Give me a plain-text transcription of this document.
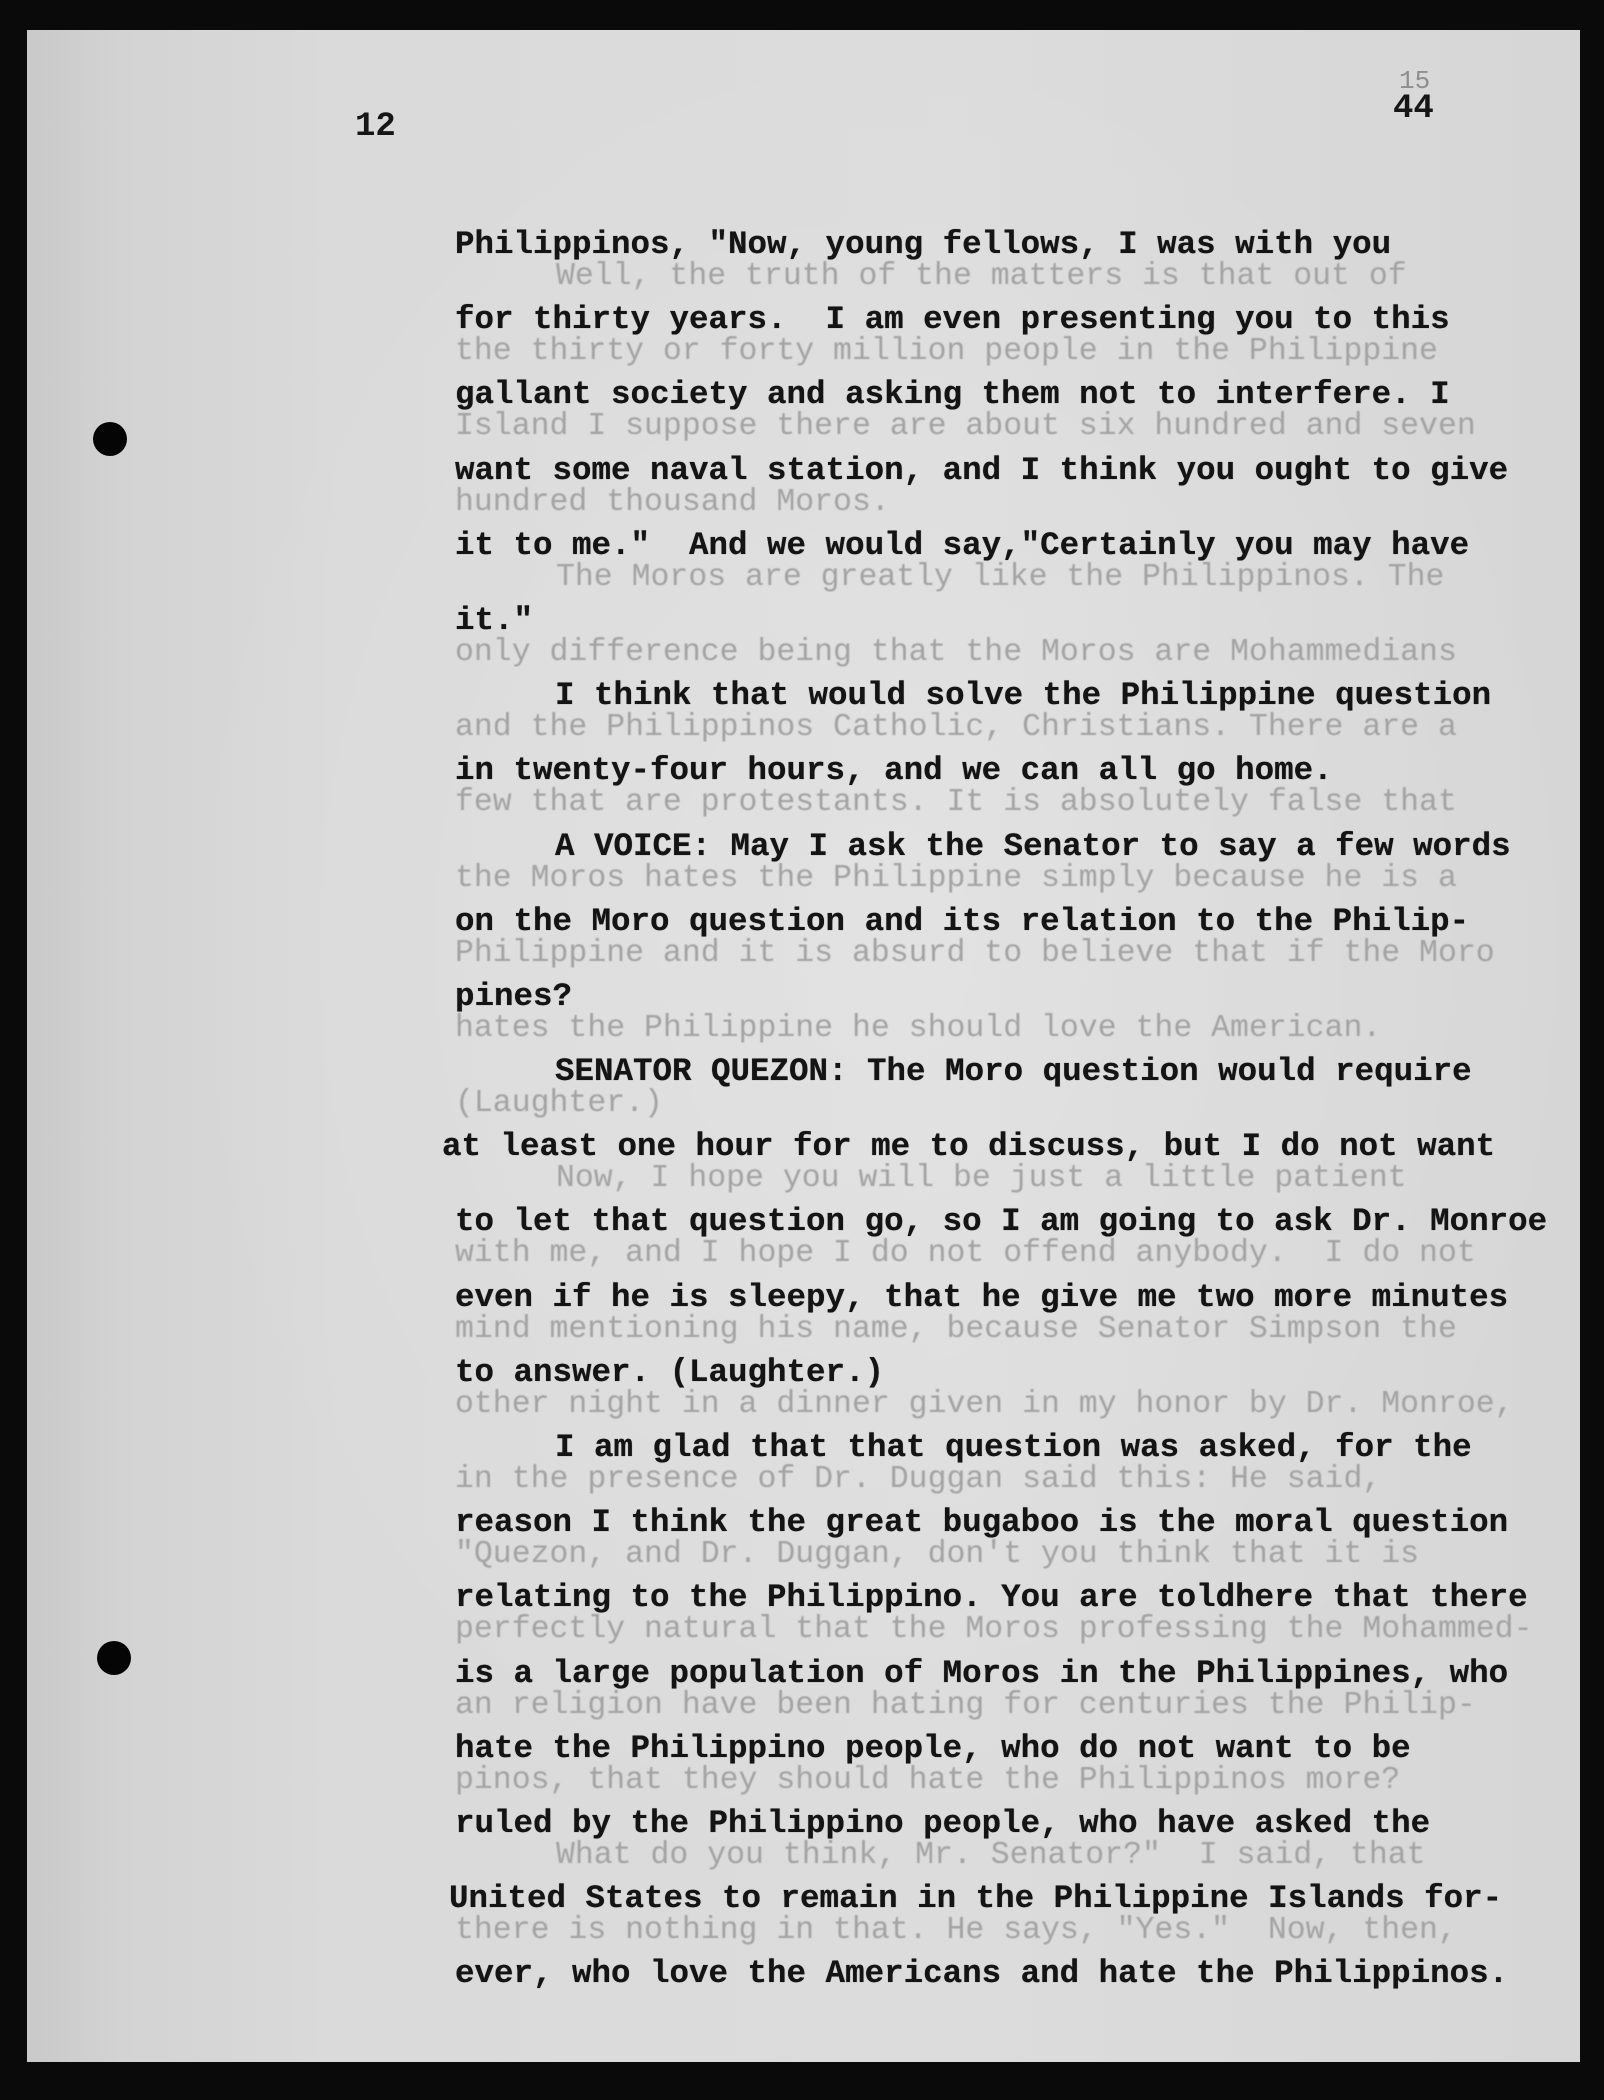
12
15
44
Well, the truth of the matters is that out of
the thirty or forty million people in the Philippine
Island I suppose there are about six hundred and seven
hundred thousand Moros.
The Moros are greatly like the Philippinos. The
only difference being that the Moros are Mohammedians
and the Philippinos Catholic, Christians. There are a
few that are protestants. It is absolutely false that
the Moros hates the Philippine simply because he is a
Philippine and it is absurd to believe that if the Moro
hates the Philippine he should love the American.
(Laughter.)
Now, I hope you will be just a little patient
with me, and I hope I do not offend anybody.  I do not
mind mentioning his name, because Senator Simpson the
other night in a dinner given in my honor by Dr. Monroe,
in the presence of Dr. Duggan said this: He said,
"Quezon, and Dr. Duggan, don't you think that it is
perfectly natural that the Moros professing the Mohammed-
an religion have been hating for centuries the Philip-
pinos, that they should hate the Philippinos more?
What do you think, Mr. Senator?"  I said, that
there is nothing in that. He says, "Yes."  Now, then,
Philippinos, "Now, young fellows, I was with you
for thirty years.  I am even presenting you to this
gallant society and asking them not to interfere. I
want some naval station, and I think you ought to give
it to me."  And we would say,"Certainly you may have
it."
I think that would solve the Philippine question
in twenty-four hours, and we can all go home.
A VOICE: May I ask the Senator to say a few words
on the Moro question and its relation to the Philip-
pines?
SENATOR QUEZON: The Moro question would require
at least one hour for me to discuss, but I do not want
to let that question go, so I am going to ask Dr. Monroe
even if he is sleepy, that he give me two more minutes
to answer. (Laughter.)
I am glad that that question was asked, for the
reason I think the great bugaboo is the moral question
relating to the Philippino. You are toldhere that there
is a large population of Moros in the Philippines, who
hate the Philippino people, who do not want to be
ruled by the Philippino people, who have asked the
United States to remain in the Philippine Islands for-
ever, who love the Americans and hate the Philippinos.
